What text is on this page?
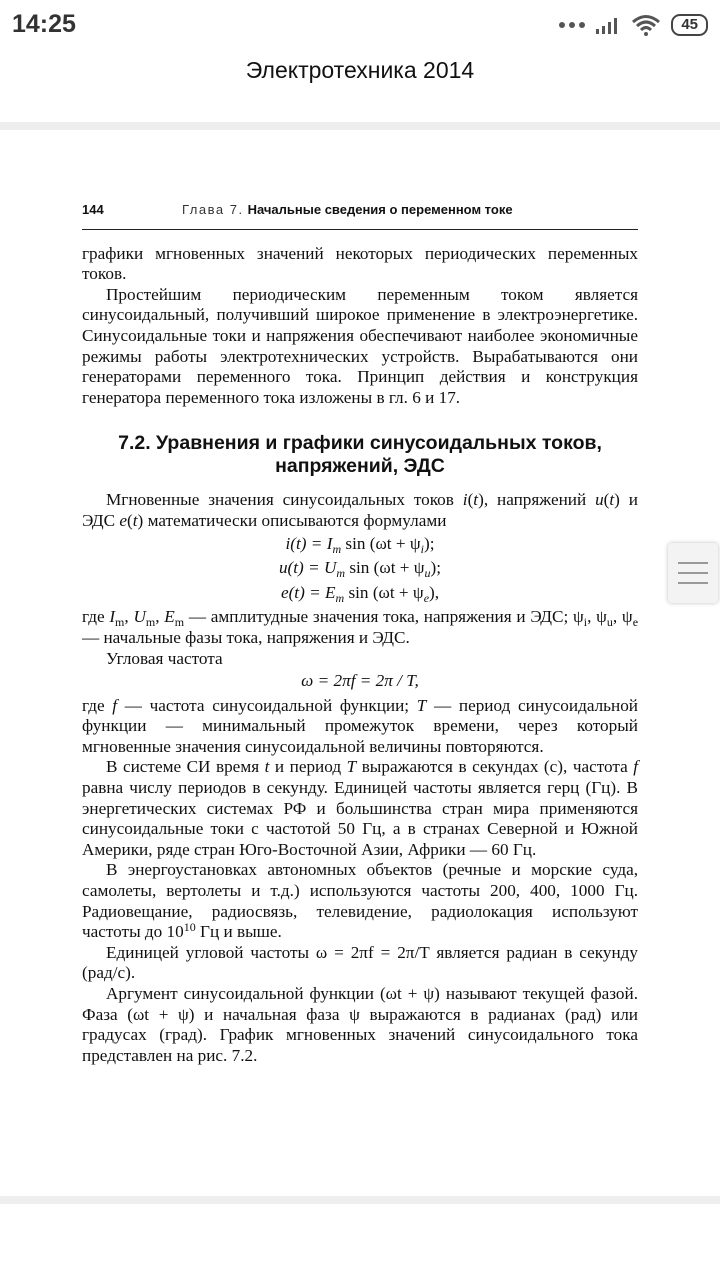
14:25	45
Электротехника 2014
144	Глава 7. Начальные сведения о переменном токе

графики мгновенных значений некоторых периодических переменных токов.

Простейшим периодическим переменным током является синусоидальный, получивший широкое применение в электроэнергетике. Синусоидальные токи и напряжения обеспечивают наиболее экономичные режимы работы электротехнических устройств. Вырабатываются они генераторами переменного тока. Принцип действия и конструкция генератора переменного тока изложены в гл. 6 и 17.

7.2. Уравнения и графики синусоидальных токов,
напряжений, ЭДС

Мгновенные значения синусоидальных токов i(t), напряжений u(t) и ЭДС e(t) математически описываются формулами

$i(t) = I_m$ $\sin (\omega t + \psi_i)$;
$u(t) = U_m$ $\sin (\omega t + \psi_u)$;
$e(t) = E_m$ $\sin (\omega t + \psi_e)$,

где $I_m$, $U_m$, $E_m$ — амплитудные значения тока, напряжения и ЭДС; $\psi_i$, $\psi_u$, $\psi_e$ — начальные фазы тока, напряжения и ЭДС.

Угловая частота

ω = 2πf = 2π / T,

где f — частота синусоидальной функции; T — период синусоидальной функции — минимальный промежуток времени, через который мгновенные значения синусоидальной величины повторяются.

В системе СИ время t и период T выражаются в секундах (с), частота f равна числу периодов в секунду. Единицей частоты является герц (Гц). В энергетических системах РФ и большинства стран мира применяются синусоидальные токи с частотой 50 Гц, а в странах Северной и Южной Америки, ряде стран Юго-Восточной Азии, Африки — 60 Гц.

В энергоустановках автономных объектов (речные и морские суда, самолеты, вертолеты и т.д.) используются частоты 200, 400, 1000 Гц. Радиовещание, радиосвязь, телевидение, радиолокация используют частоты до $10^{10}$ Гц и выше.

Единицей угловой частоты ω = 2πf = 2π/T является радиан в секунду (рад/с).

Аргумент синусоидальной функции (ωt + ψ) называют текущей фазой. Фаза (ωt + ψ) и начальная фаза ψ выражаются в радианах (рад) или градусах (град). График мгновенных значений синусоидального тока представлен на рис. 7.2.
